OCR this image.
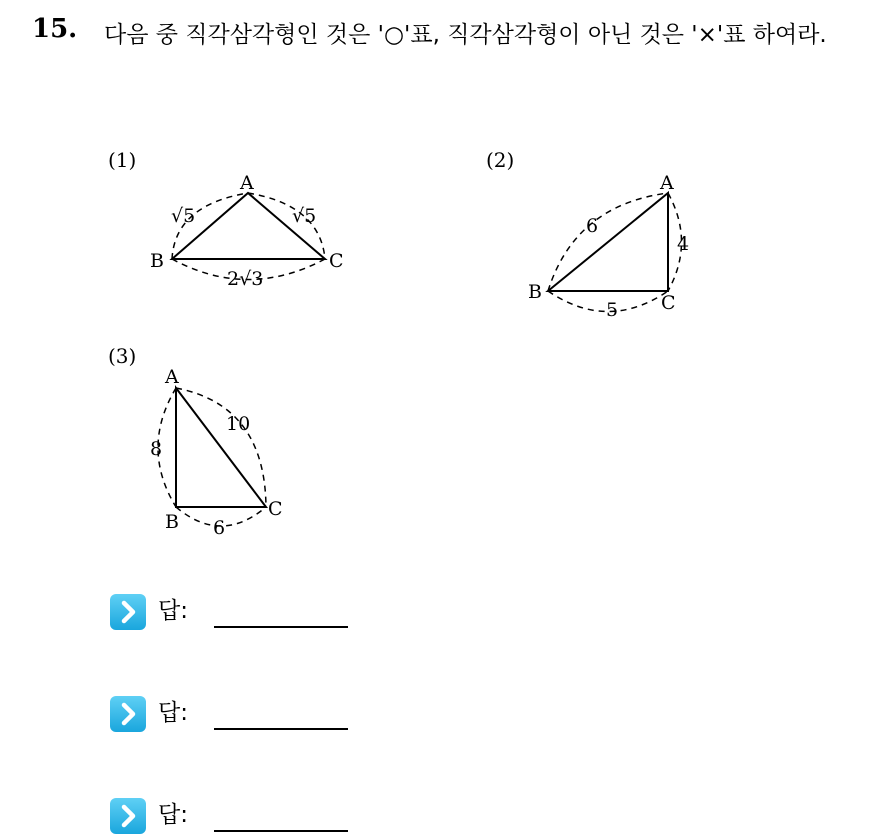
15. 다음 중 직각삼각형인 것은 '○'표, 직각삼각형이 아닌 것은 '×'표 하여라.
(1)	(2)
(3)
A
B	C
√5	√5
2√3
A
B	C
6
4
5
A
B
C
8
10
6
답:
답:
답:
